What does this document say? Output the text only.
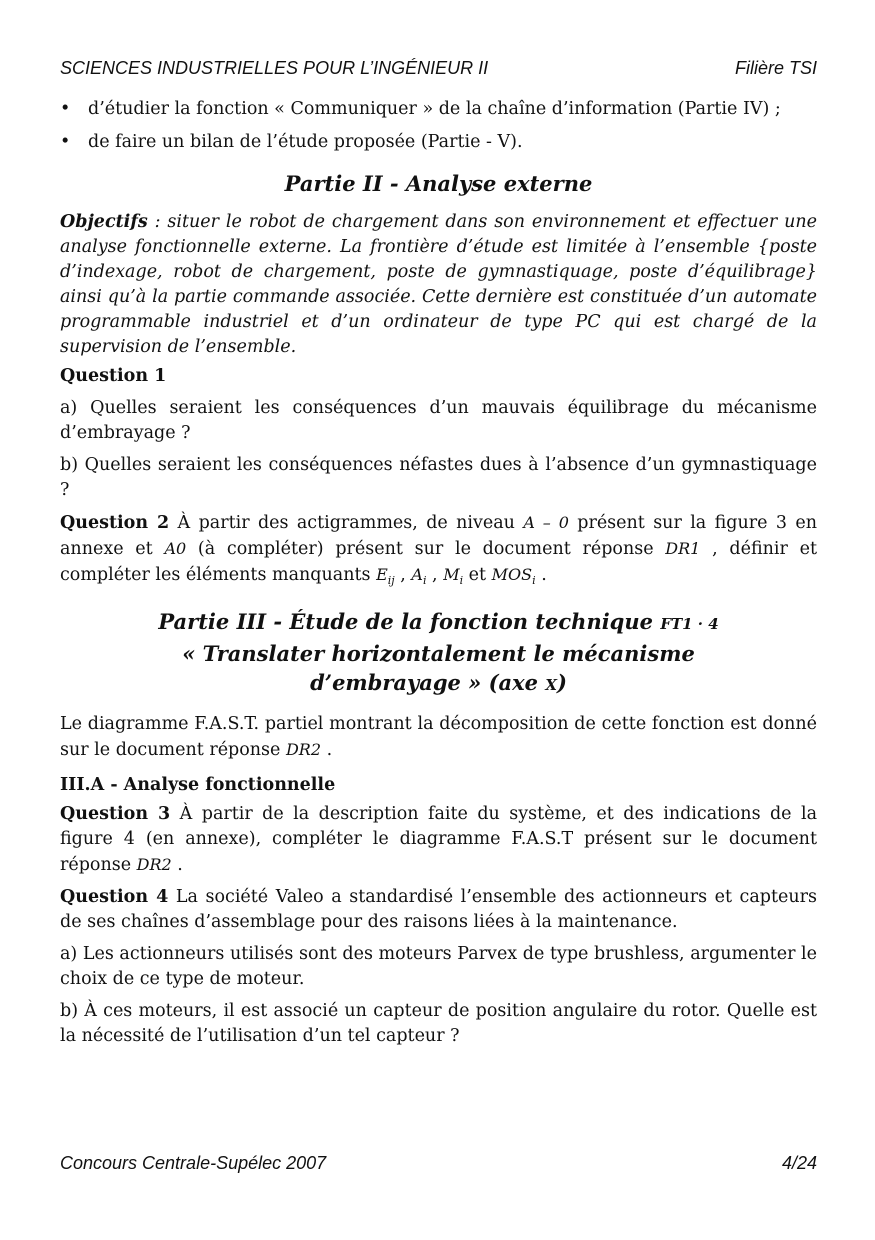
SCIENCES INDUSTRIELLES POUR L’INGÉNIEUR II	Filière TSI
• d’étudier la fonction « Communiquer » de la chaîne d’information (Partie IV) ;
• de faire un bilan de l’étude proposée (Partie - V).
Partie II - Analyse externe

Objectifs : situer le robot de chargement dans son environnement et effectuer une analyse fonctionnelle externe. La frontière d’étude est limitée à l’ensemble {poste d’indexage, robot de chargement, poste de gymnastiquage, poste d’équilibrage} ainsi qu’à la partie commande associée. Cette dernière est constituée d’un automate programmable industriel et d’un ordinateur de type PC qui est chargé de la supervision de l’ensemble.

Question 1

a) Quelles seraient les conséquences d’un mauvais équilibrage du mécanisme d’embrayage ?

b) Quelles seraient les conséquences néfastes dues à l’absence d’un gymnastiquage ?

Question 2 À partir des actigrammes, de niveau A – 0 présent sur la figure 3 en annexe et A0 (à compléter) présent sur le document réponse DR1 , définir et compléter les éléments manquants $E_{ij}$ , $A_i$ , $M_i$ et $MOS_i$ .

Partie III - Étude de la fonction technique FT1 · 4
« Translater horizontalement le mécanisme
d’embrayage » (axe X)

Le diagramme F.A.S.T. partiel montrant la décomposition de cette fonction est donné sur le document réponse DR2 .

III.A - Analyse fonctionnelle

Question 3 À partir de la description faite du système, et des indications de la figure 4 (en annexe), compléter le diagramme F.A.S.T présent sur le document réponse DR2 .

Question 4 La société Valeo a standardisé l’ensemble des actionneurs et capteurs de ses chaînes d’assemblage pour des raisons liées à la maintenance.

a) Les actionneurs utilisés sont des moteurs Parvex de type brushless, argumenter le choix de ce type de moteur.

b) À ces moteurs, il est associé un capteur de position angulaire du rotor. Quelle est la nécessité de l’utilisation d’un tel capteur ?

Concours Centrale-Supélec 2007	4/24
